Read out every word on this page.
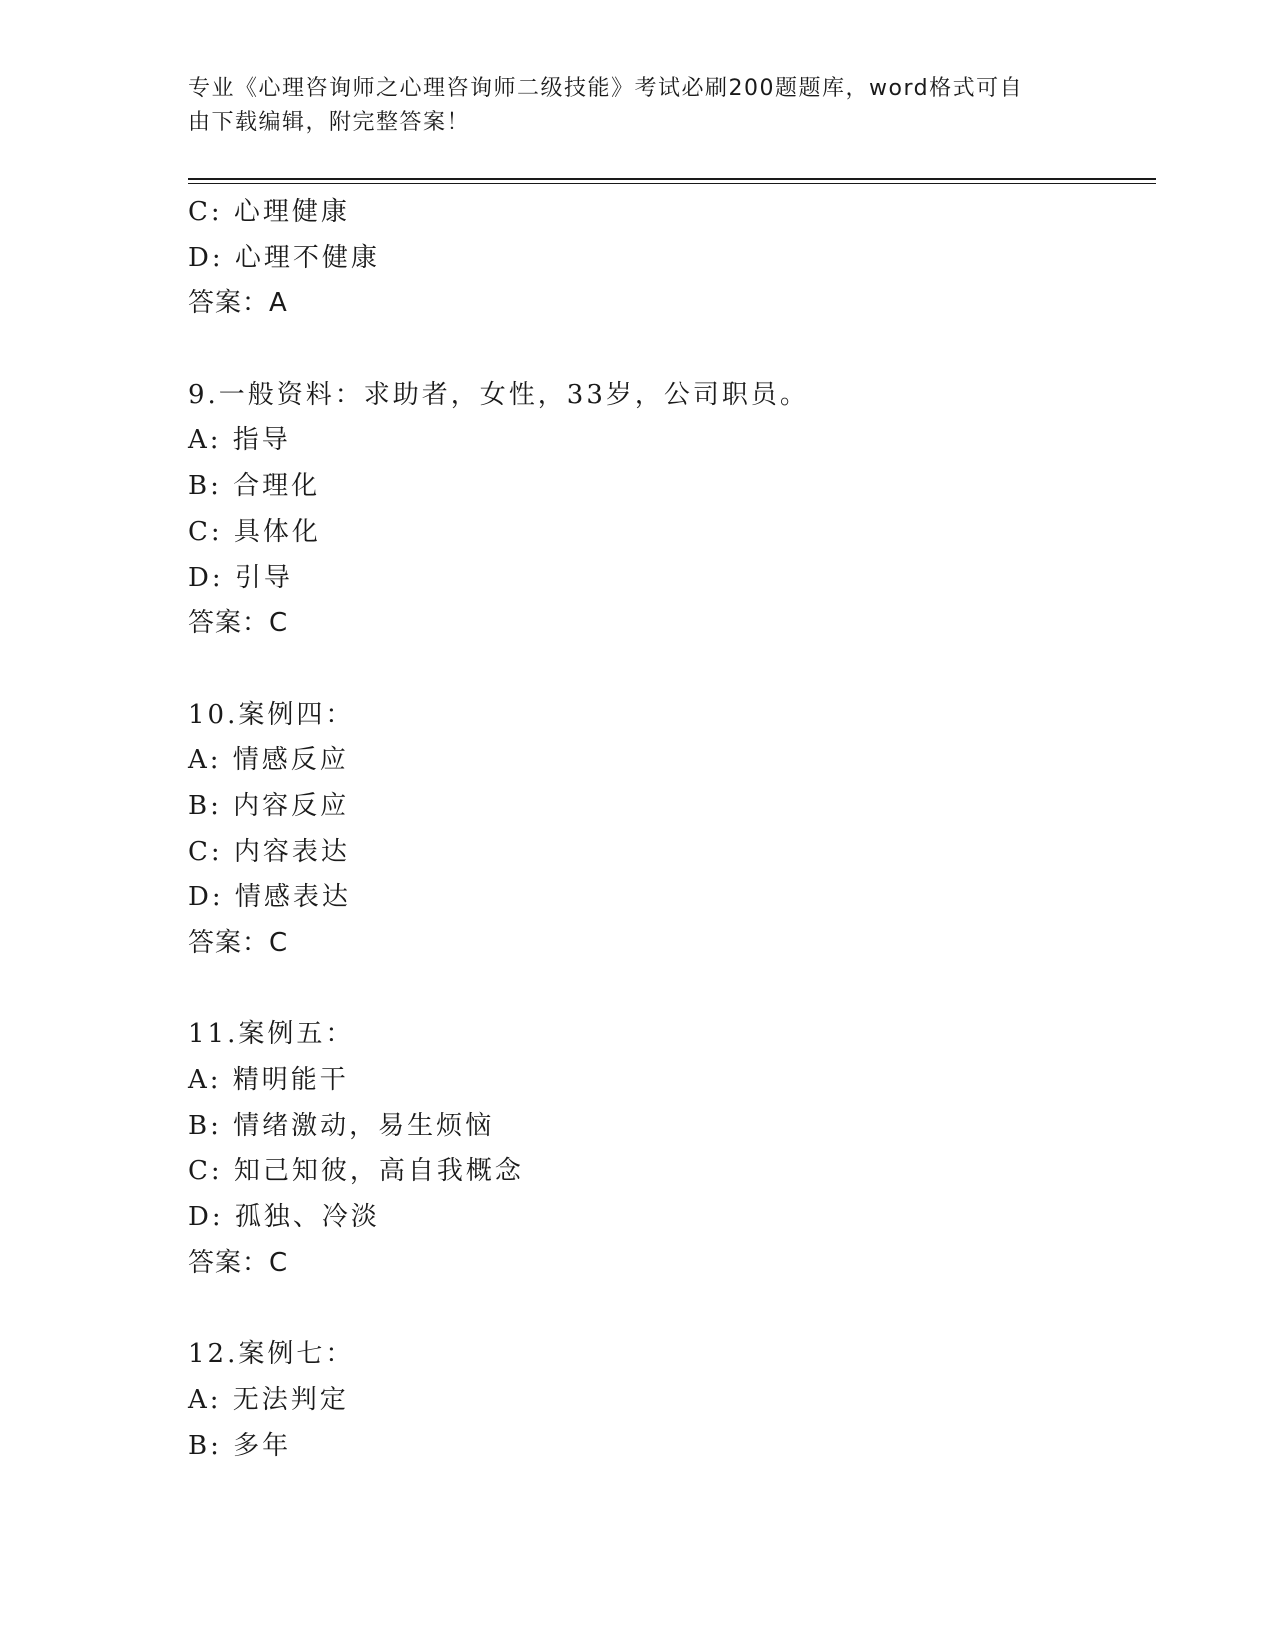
专业《心理咨询师之心理咨询师二级技能》考试必刷200题题库，word格式可自
由下载编辑，附完整答案！
C: 心理健康
D: 心理不健康
答案：A
9.一般资料：求助者，女性，33岁，公司职员。
A: 指导
B: 合理化
C: 具体化
D: 引导
答案：C
10.案例四：
A: 情感反应
B: 内容反应
C: 内容表达
D: 情感表达
答案：C
11.案例五：
A: 精明能干
B: 情绪激动，易生烦恼
C: 知己知彼，高自我概念
D: 孤独、冷淡
答案：C
12.案例七：
A: 无法判定
B: 多年
